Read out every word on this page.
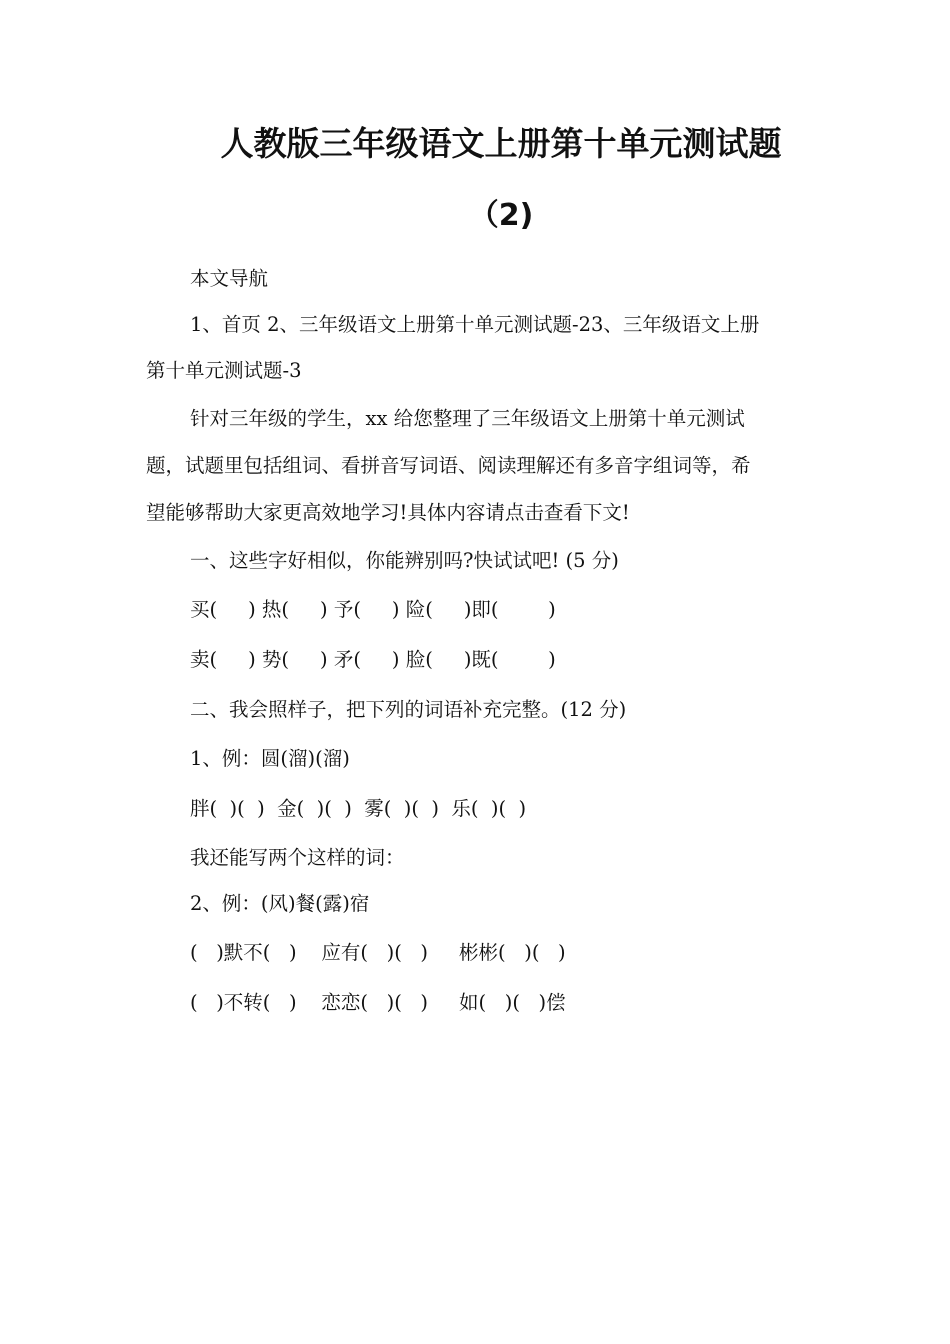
人教版三年级语文上册第十单元测试题
（2)
本文导航
1、首页 2、三年级语文上册第十单元测试题-23、三年级语文上册
第十单元测试题-3
针对三年级的学生，xx 给您整理了三年级语文上册第十单元测试
题，试题里包括组词、看拼音写词语、阅读理解还有多音字组词等，希
望能够帮助大家更高效地学习!具体内容请点击查看下文!
一、这些字好相似，你能辨别吗?快试试吧! (5 分)
买(     ) 热(     ) 予(     ) 险(     )即(        )
卖(     ) 势(     ) 矛(     ) 脸(     )既(        )
二、我会照样子，把下列的词语补充完整。(12 分)
1、例：圆(溜)(溜)
胖(  )(  )  金(  )(  )  雾(  )(  )  乐(  )(  )
我还能写两个这样的词：
2、例：(风)餐(露)宿
(   )默不(   )    应有(   )(   )     彬彬(   )(   )
(   )不转(   )    恋恋(   )(   )     如(   )(   )偿
